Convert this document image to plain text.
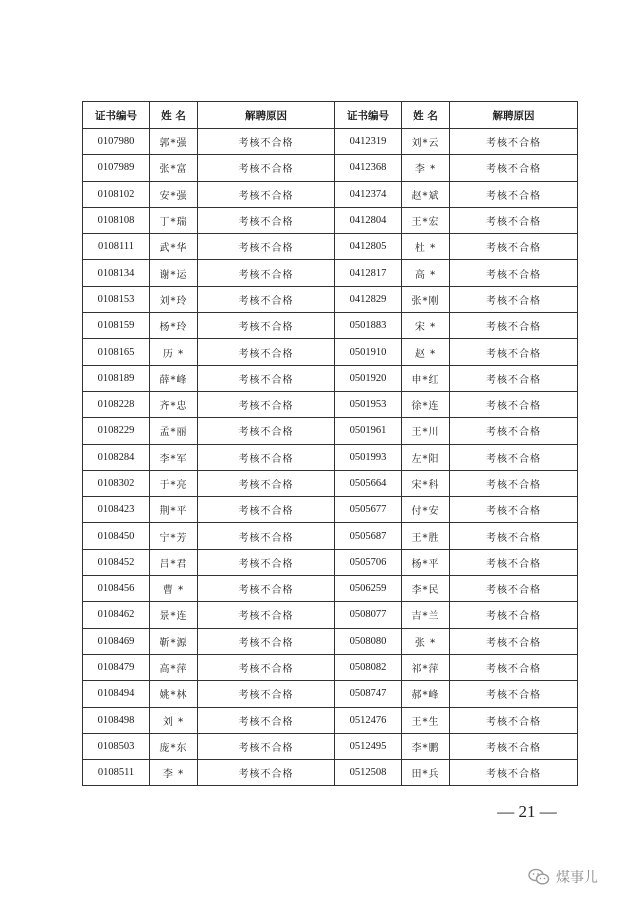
证书编号	姓 名	解聘原因	证书编号	姓 名	解聘原因
0107980	郭*强	考核不合格	0412319	刘*云	考核不合格
0107989	张*富	考核不合格	0412368	李 *	考核不合格
0108102	安*强	考核不合格	0412374	赵*斌	考核不合格
0108108	丁*瑞	考核不合格	0412804	王*宏	考核不合格
0108111	武*华	考核不合格	0412805	杜 *	考核不合格
0108134	谢*运	考核不合格	0412817	高 *	考核不合格
0108153	刘*玲	考核不合格	0412829	张*刚	考核不合格
0108159	杨*玲	考核不合格	0501883	宋 *	考核不合格
0108165	历 *	考核不合格	0501910	赵 *	考核不合格
0108189	薛*峰	考核不合格	0501920	申*红	考核不合格
0108228	齐*忠	考核不合格	0501953	徐*连	考核不合格
0108229	孟*丽	考核不合格	0501961	王*川	考核不合格
0108284	李*军	考核不合格	0501993	左*阳	考核不合格
0108302	于*亮	考核不合格	0505664	宋*科	考核不合格
0108423	荆*平	考核不合格	0505677	付*安	考核不合格
0108450	宁*芳	考核不合格	0505687	王*胜	考核不合格
0108452	吕*君	考核不合格	0505706	杨*平	考核不合格
0108456	曹 *	考核不合格	0506259	李*民	考核不合格
0108462	景*连	考核不合格	0508077	吉*兰	考核不合格
0108469	靳*源	考核不合格	0508080	张 *	考核不合格
0108479	高*萍	考核不合格	0508082	祁*萍	考核不合格
0108494	姚*林	考核不合格	0508747	郝*峰	考核不合格
0108498	刘 *	考核不合格	0512476	王*生	考核不合格
0108503	庞*东	考核不合格	0512495	李*鹏	考核不合格
0108511	李 *	考核不合格	0512508	田*兵	考核不合格
— 21 —
煤事儿
